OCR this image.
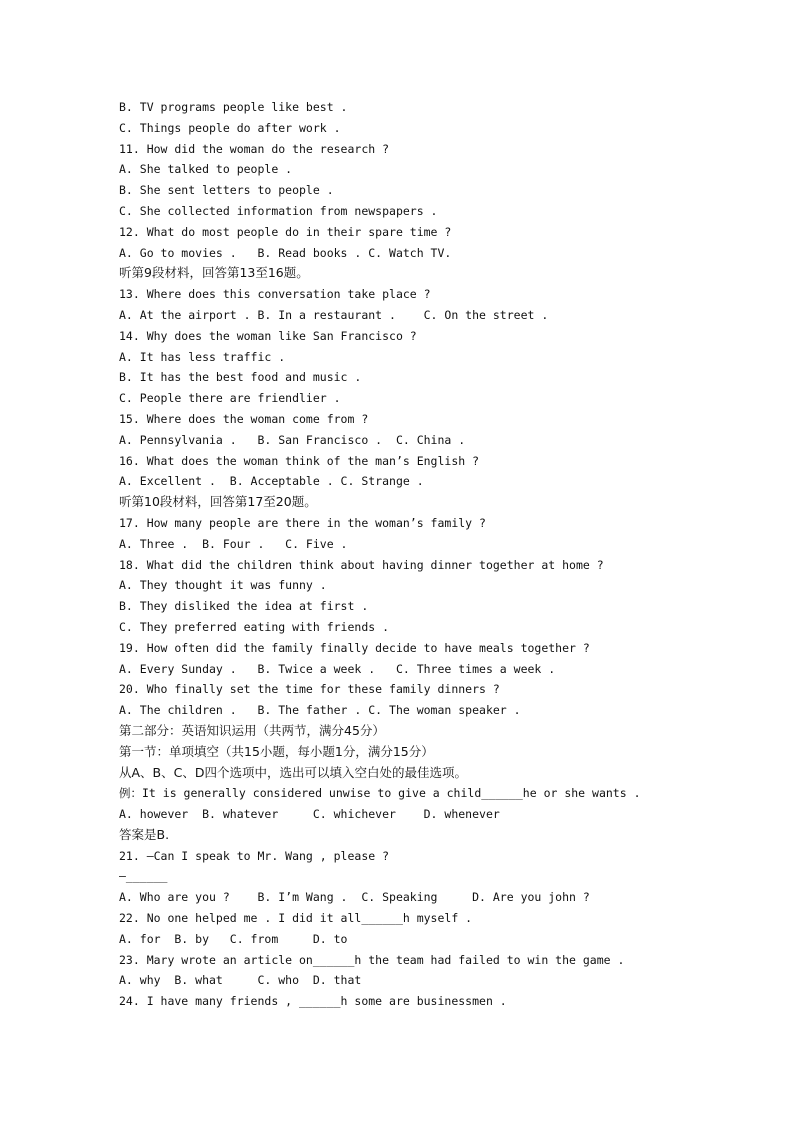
B. TV programs people like best .
C. Things people do after work .
11. How did the woman do the research ?
A. She talked to people .
B. She sent letters to people .
C. She collected information from newspapers .
12. What do most people do in their spare time ?
A. Go to movies .   B. Read books . C. Watch TV.
听第9段材料，回答第13至16题。
13. Where does this conversation take place ?
A. At the airport . B. In a restaurant .    C. On the street .
14. Why does the woman like San Francisco ?
A. It has less traffic .
B. It has the best food and music .
C. People there are friendlier .
15. Where does the woman come from ?
A. Pennsylvania .   B. San Francisco .  C. China .
16. What does the woman think of the man’s English ?
A. Excellent .  B. Acceptable . C. Strange .
听第10段材料，回答第17至20题。
17. How many people are there in the woman’s family ?
A. Three .  B. Four .   C. Five .
18. What did the children think about having dinner together at home ?
A. They thought it was funny .
B. They disliked the idea at first .
C. They preferred eating with friends .
19. How often did the family finally decide to have meals together ?
A. Every Sunday .   B. Twice a week .   C. Three times a week .
20. Who finally set the time for these family dinners ?
A. The children .   B. The father . C. The woman speaker .
第二部分：英语知识运用（共两节，满分45分）
第一节：单项填空（共15小题，每小题1分，满分15分）
从A、B、C、D四个选项中，选出可以填入空白处的最佳选项。
例：It is generally considered unwise to give a child______he or she wants .
A. however  B. whatever     C. whichever    D. whenever
答案是B.
21. —Can I speak to Mr. Wang , please ?
—______
A. Who are you ?    B. I’m Wang .  C. Speaking     D. Are you john ?
22. No one helped me . I did it all______h myself .
A. for  B. by   C. from     D. to
23. Mary wrote an article on______h the team had failed to win the game .
A. why  B. what     C. who  D. that
24. I have many friends , ______h some are businessmen .
